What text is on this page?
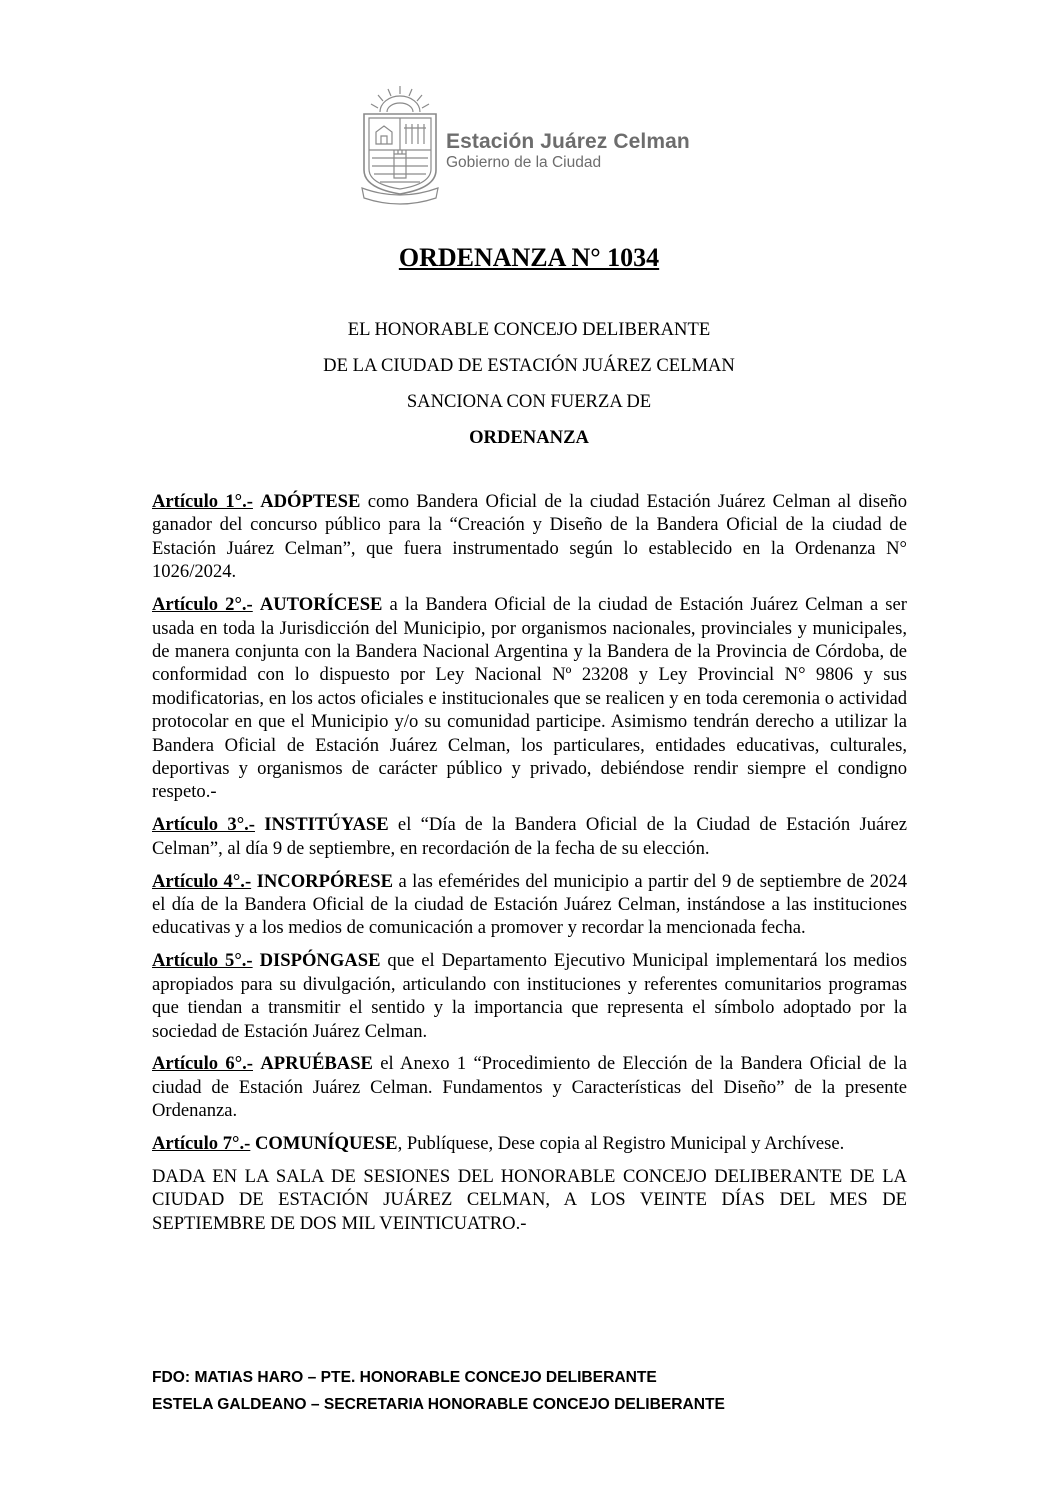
Estación Juárez Celman
Gobierno de la Ciudad
ORDENANZA N° 1034
EL HONORABLE CONCEJO DELIBERANTE
DE LA CIUDAD DE ESTACIÓN JUÁREZ CELMAN
SANCIONA CON FUERZA DE
ORDENANZA

Artículo 1°.- ADÓPTESE como Bandera Oficial de la ciudad Estación Juárez Celman al diseño ganador del concurso público para la “Creación y Diseño de la Bandera Oficial de la ciudad de Estación Juárez Celman”, que fuera instrumentado según lo establecido en la Ordenanza N° 1026/2024.

Artículo 2°.- AUTORÍCESE a la Bandera Oficial de la ciudad de Estación Juárez Celman a ser usada en toda la Jurisdicción del Municipio, por organismos nacionales, provinciales y municipales, de manera conjunta con la Bandera Nacional Argentina y la Bandera de la Provincia de Córdoba, de conformidad con lo dispuesto por Ley Nacional Nº 23208 y Ley Provincial N° 9806 y sus modificatorias, en los actos oficiales e institucionales que se realicen y en toda ceremonia o actividad protocolar en que el Municipio y/o su comunidad participe. Asimismo tendrán derecho a utilizar la Bandera Oficial de Estación Juárez Celman, los particulares, entidades educativas, culturales, deportivas y organismos de carácter público y privado, debiéndose rendir siempre el condigno respeto.-

Artículo 3°.- INSTITÚYASE el “Día de la Bandera Oficial de la Ciudad de Estación Juárez Celman”, al día 9 de septiembre, en recordación de la fecha de su elección.

Artículo 4°.- INCORPÓRESE a las efemérides del municipio a partir del 9 de septiembre de 2024 el día de la Bandera Oficial de la ciudad de Estación Juárez Celman, instándose a las instituciones educativas y a los medios de comunicación a promover y recordar la mencionada fecha.

Artículo 5°.- DISPÓNGASE que el Departamento Ejecutivo Municipal implementará los medios apropiados para su divulgación, articulando con instituciones y referentes comunitarios programas que tiendan a transmitir el sentido y la importancia que representa el símbolo adoptado por la sociedad de Estación Juárez Celman.

Artículo 6°.- APRUÉBASE el Anexo 1 “Procedimiento de Elección de la Bandera Oficial de la ciudad de Estación Juárez Celman. Fundamentos y Características del Diseño” de la presente Ordenanza.

Artículo 7°.- COMUNÍQUESE, Publíquese, Dese copia al Registro Municipal y Archívese.

DADA EN LA SALA DE SESIONES DEL HONORABLE CONCEJO DELIBERANTE DE LA CIUDAD DE ESTACIÓN JUÁREZ CELMAN, A LOS VEINTE DÍAS DEL MES DE SEPTIEMBRE DE DOS MIL VEINTICUATRO.-

FDO: MATIAS HARO – PTE. HONORABLE CONCEJO DELIBERANTE
ESTELA GALDEANO – SECRETARIA HONORABLE CONCEJO DELIBERANTE
